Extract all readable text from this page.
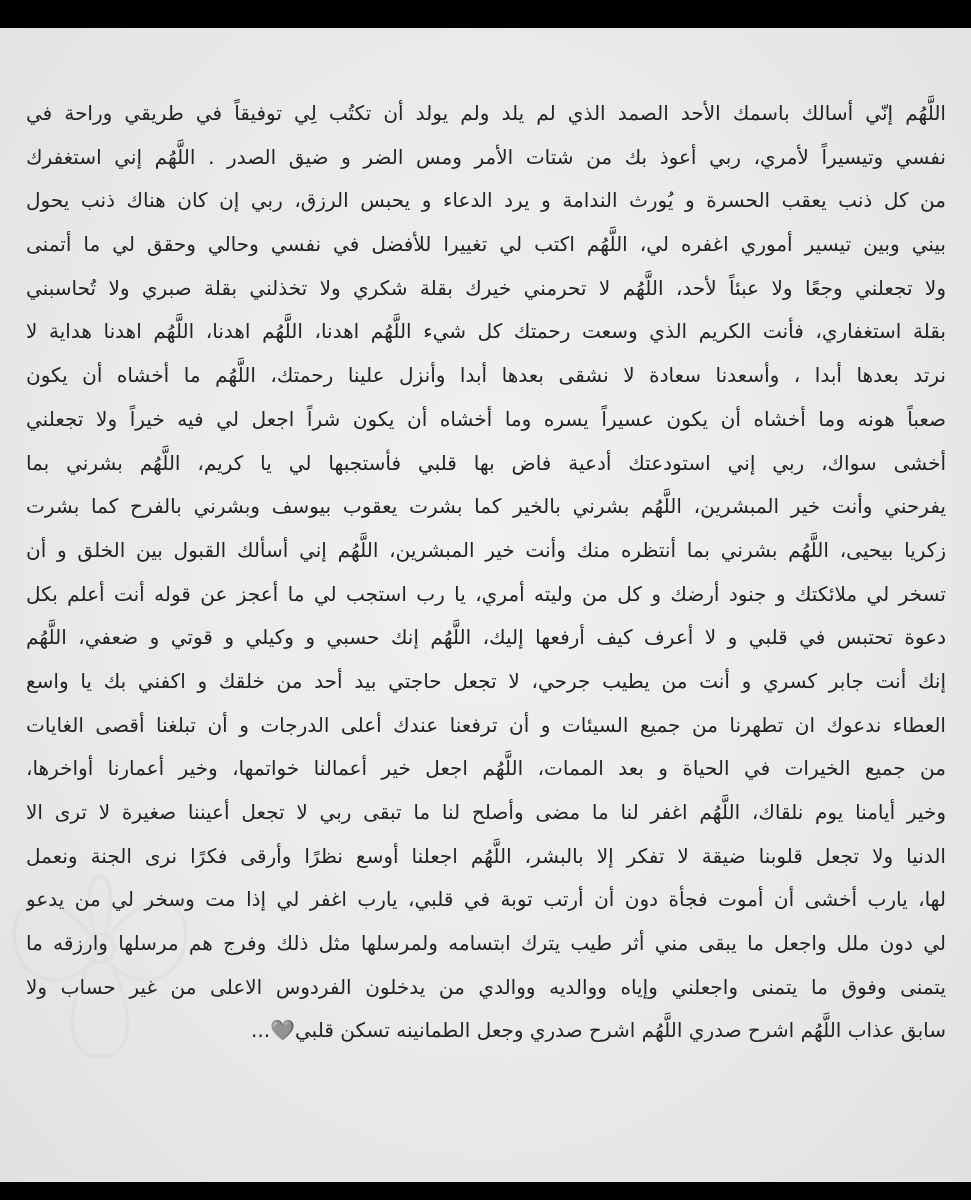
اللَّهُم إنّي أسالك باسمك الأحد الصمد الذي لم يلد ولم يولد أن تكتُب لِي توفيقاً في طريقي وراحة في
نفسي وتيسيراً لأمري، ربي أعوذ بك من شتات الأمر ومس الضر و ضيق الصدر . اللَّهُم إني استغفرك
من كل ذنب يعقب الحسرة و يُورث الندامة و يرد الدعاء و يحبس الرزق، ربي إن كان هناك ذنب يحول
بيني وبين تيسير أموري اغفره لي، اللَّهُم اكتب لي تغييرا للأفضل في نفسي وحالي وحقق لي ما أتمنى
ولا تجعلني وجعًا ولا عبئاً لأحد، اللَّهُم لا تحرمني خيرك بقلة شكري ولا تخذلني بقلة صبري ولا تُحاسبني
بقلة استغفاري، فأنت الكريم الذي وسعت رحمتك كل شيء اللَّهُم اهدنا، اللَّهُم اهدنا، اللَّهُم اهدنا هداية لا
نرتد بعدها أبدا ، وأسعدنا سعادة لا نشقى بعدها أبدا وأنزل علينا رحمتك، اللَّهُم ما أخشاه أن يكون
صعباً هونه وما أخشاه أن يكون عسيراً يسره وما أخشاه أن يكون شراً اجعل لي فيه خيراً ولا تجعلني
أخشى سواك، ربي إني استودعتك أدعية فاض بها قلبي فأستجبها لي يا كريم، اللَّهُم بشرني بما
يفرحني وأنت خير المبشرين، اللَّهُم بشرني بالخير كما بشرت يعقوب بيوسف وبشرني بالفرح كما بشرت
زكريا بيحيى، اللَّهُم بشرني بما أنتظره منك وأنت خير المبشرين، اللَّهُم إني أسألك القبول بين الخلق و أن
تسخر لي ملائكتك و جنود أرضك و كل من وليته أمري، يا رب استجب لي ما أعجز عن قوله أنت أعلم بكل
دعوة تحتبس في قلبي و لا أعرف كيف أرفعها إليك، اللَّهُم إنك حسبي و وكيلي و قوتي و ضعفي، اللَّهُم
إنك أنت جابر كسري و أنت من يطيب جرحي، لا تجعل حاجتي بيد أحد من خلقك و اكفني بك يا واسع
العطاء ندعوك ان تطهرنا من جميع السيئات و أن ترفعنا عندك أعلى الدرجات و أن تبلغنا أقصى الغايات
من جميع الخيرات في الحياة و بعد الممات، اللَّهُم اجعل خير أعمالنا خواتمها، وخير أعمارنا أواخرها،
وخير أيامنا يوم نلقاك، اللَّهُم اغفر لنا ما مضى وأصلح لنا ما تبقى ربي لا تجعل أعيننا صغيرة لا ترى الا
الدنيا ولا تجعل قلوبنا ضيقة لا تفكر إلا بالبشر، اللَّهُم اجعلنا أوسع نظرًا وأرقى فكرًا نرى الجنة ونعمل
لها، يارب أخشى أن أموت فجأة دون أن أرتب توبة في قلبي، يارب اغفر لي إذا مت وسخر لي من يدعو
لي دون ملل واجعل ما يبقى مني أثر طيب يترك ابتسامه ولمرسلها مثل ذلك وفرج هم مرسلها وارزقه ما
يتمنى وفوق ما يتمنى واجعلني وإياه ووالديه ووالدي من يدخلون الفردوس الاعلى من غير حساب ولا
سابق عذاب اللَّهُم اشرح صدري اللَّهُم اشرح صدري وجعل الطمانينه تسكن قلبي🩶...
